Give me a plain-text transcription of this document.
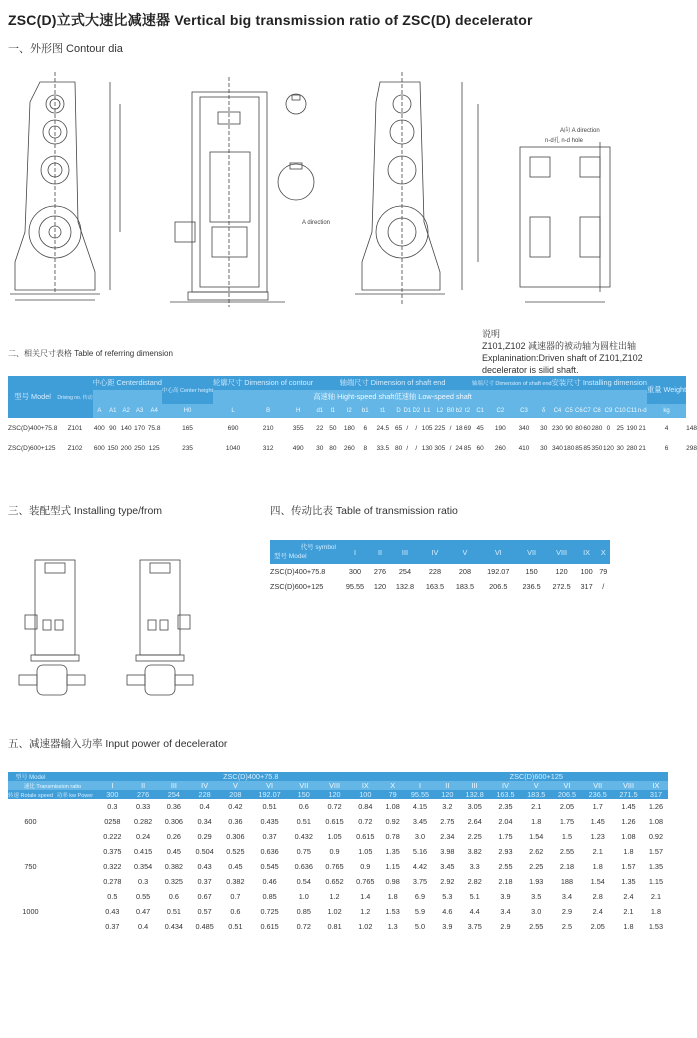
ZSC(D)立式大速比减速器 Vertical big transmission ratio of ZSC(D) decelerator
一、外形图 Contour dia
A向 A direction
n-d孔 n-d hole
A direction
说明
Z101,Z102 减速器的被动轴为圆柱出轴
Explanination:Driven shaft of Z101,Z102
decelerator is silid shaft.
二、相关尺寸表格 Table of referring dimension
型号 Model	Driving no. 传动	中心距 Centerdistand					中心高 Center height	轮廓尺寸 Dimension of contour			轴端尺寸 Dimension of shaft end													轴端尺寸 Dimension of shaft end				安装尺寸 Installing dimension									重量 Weight	
											高速轴 Hight-speed shaft					低速轴 Low-speed shaft																						
		A	A1	A2	A3	A4	H0	L	B	H	d1	l1	l2	b1	t1	D	D1	D2	L1	L2	B0	b2	t2	C1	C2	C3	δ	C4	C5	C6	C7	C8	C9	C10	C11	n-d	kg	
ZSC(D)400+75.8	Z101	400	90	140	170	75.8	165	690	210	355	22	50	180	6	24.5	65	/	/	105	225	/	18	69	45	190	340	30	230	90	80	60	280	0	25	190	21	4	148
ZSC(D)600+125	Z102	600	150	200	250	125	235	1040	312	490	30	80	260	8	33.5	80	/	/	130	305	/	24	85	60	260	410	30	340	180	85	85	350	120	30	280	21	6	298
三、装配型式 Installing type/from	四、传动比表 Table of transmission ratio
代号 symbol
型号 Model	I	II	III	IV	V	VI	VII	VIII	IX	X
ZSC(D)400+75.8	300	276	254	228	208	192.07	150	120	100	79
ZSC(D)600+125	95.55	120	132.8	163.5	183.5	206.5	236.5	272.5	317	/
五、减速器输入功率 Input power of decelerator
型号 Model		ZSC(D)400+75.8										ZSC(D)600+125								
速比 Transmission ratio		I	II	III	IV	V	VI	VII	VIII	IX	X	I	II	III	IV	V	VI	VII	VIII	IX
转速 Rotale speed	功率 kw Power	300	276	254	228	208	192.07	150	120	100	79	95.55	120	132.8	163.5	183.5	206.5	236.5	271.5	317
		0.3	0.33	0.36	0.4	0.42	0.51	0.6	0.72	0.84	1.08	4.15	3.2	3.05	2.35	2.1	2.05	1.7	1.45	1.26
600		0258	0.282	0.306	0.34	0.36	0.435	0.51	0.615	0.72	0.92	3.45	2.75	2.64	2.04	1.8	1.75	1.45	1.26	1.08
		0.222	0.24	0.26	0.29	0.306	0.37	0.432	1.05	0.615	0.78	3.0	2.34	2.25	1.75	1.54	1.5	1.23	1.08	0.92
		0.375	0.415	0.45	0.504	0.525	0.636	0.75	0.9	1.05	1.35	5.16	3.98	3.82	2.93	2.62	2.55	2.1	1.8	1.57
750		0.322	0.354	0.382	0.43	0.45	0.545	0.636	0.765	0.9	1.15	4.42	3.45	3.3	2.55	2.25	2.18	1.8	1.57	1.35
		0.278	0.3	0.325	0.37	0.382	0.46	0.54	0.652	0.765	0.98	3.75	2.92	2.82	2.18	1.93	188	1.54	1.35	1.15
		0.5	0.55	0.6	0.67	0.7	0.85	1.0	1.2	1.4	1.8	6.9	5.3	5.1	3.9	3.5	3.4	2.8	2.4	2.1
1000		0.43	0.47	0.51	0.57	0.6	0.725	0.85	1.02	1.2	1.53	5.9	4.6	4.4	3.4	3.0	2.9	2.4	2.1	1.8
		0.37	0.4	0.434	0.485	0.51	0.615	0.72	0.81	1.02	1.3	5.0	3.9	3.75	2.9	2.55	2.5	2.05	1.8	1.53
